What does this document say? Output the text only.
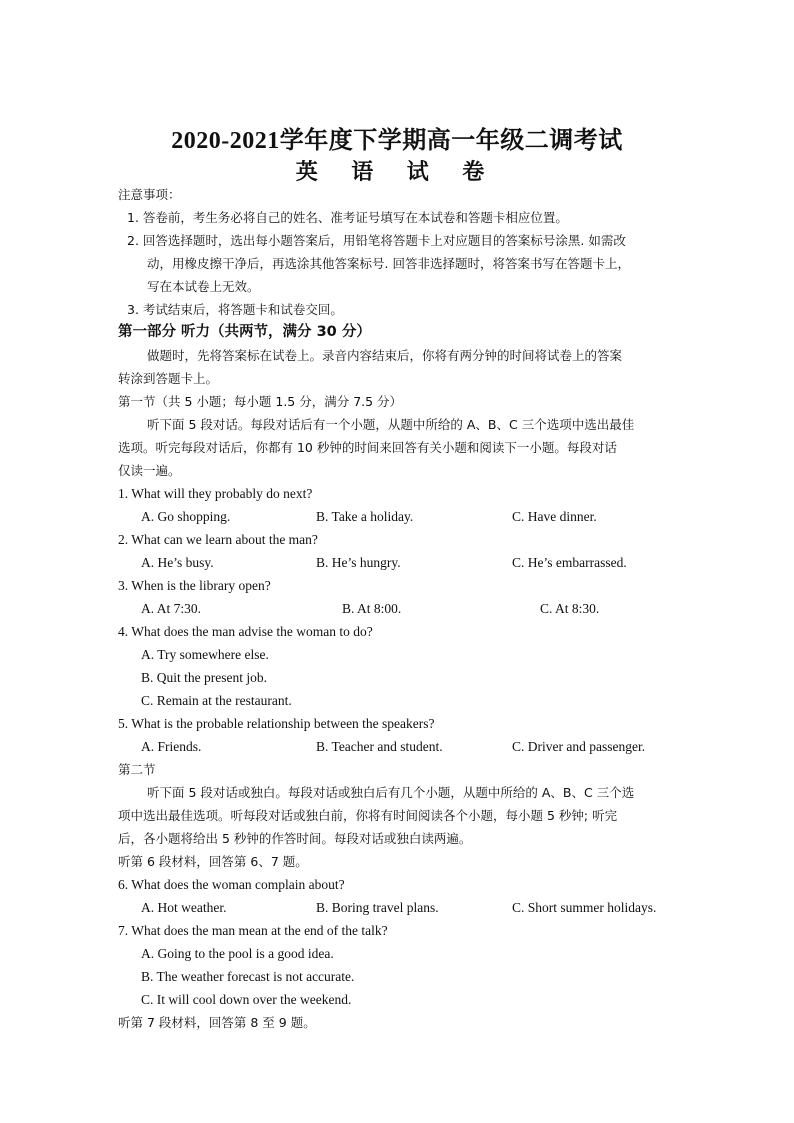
2020-2021学年度下学期高一年级二调考试
英 语 试 卷
注意事项：
1. 答卷前，考生务必将自己的姓名、准考证号填写在本试卷和答题卡相应位置。
2. 回答选择题时，选出每小题答案后，用铅笔将答题卡上对应题目的答案标号涂黑. 如需改
动，用橡皮擦干净后，再选涂其他答案标号. 回答非选择题时，将答案书写在答题卡上，
写在本试卷上无效。
3. 考试结束后，将答题卡和试卷交回。
第一部分 听力（共两节，满分 30 分）
做题时，先将答案标在试卷上。录音内容结束后，你将有两分钟的时间将试卷上的答案
转涂到答题卡上。
第一节（共 5 小题；每小题 1.5 分，满分 7.5 分）
听下面 5 段对话。每段对话后有一个小题，从题中所给的 A、B、C 三个选项中选出最佳
选项。听完每段对话后，你都有 10 秒钟的时间来回答有关小题和阅读下一小题。每段对话
仅读一遍。
1. What will they probably do next?
A. Go shopping.	B. Take a holiday.	C. Have dinner.
2. What can we learn about the man?
A. He’s busy.	B. He’s hungry.	C. He’s embarrassed.
3. When is the library open?
A. At 7:30.	B. At 8:00.	C. At 8:30.
4. What does the man advise the woman to do?
A. Try somewhere else.
B. Quit the present job.
C. Remain at the restaurant.
5. What is the probable relationship between the speakers?
A. Friends.	B. Teacher and student.	C. Driver and passenger.
第二节
听下面 5 段对话或独白。每段对话或独白后有几个小题，从题中所给的 A、B、C 三个选
项中选出最佳选项。听每段对话或独白前，你将有时间阅读各个小题，每小题 5 秒钟; 听完
后，各小题将给出 5 秒钟的作答时间。每段对话或独白读两遍。
听第 6 段材料，回答第 6、7 题。
6. What does the woman complain about?
A. Hot weather.	B. Boring travel plans.	C. Short summer holidays.
7. What does the man mean at the end of the talk?
A. Going to the pool is a good idea.
B. The weather forecast is not accurate.
C. It will cool down over the weekend.
听第 7 段材料，回答第 8 至 9 题。
